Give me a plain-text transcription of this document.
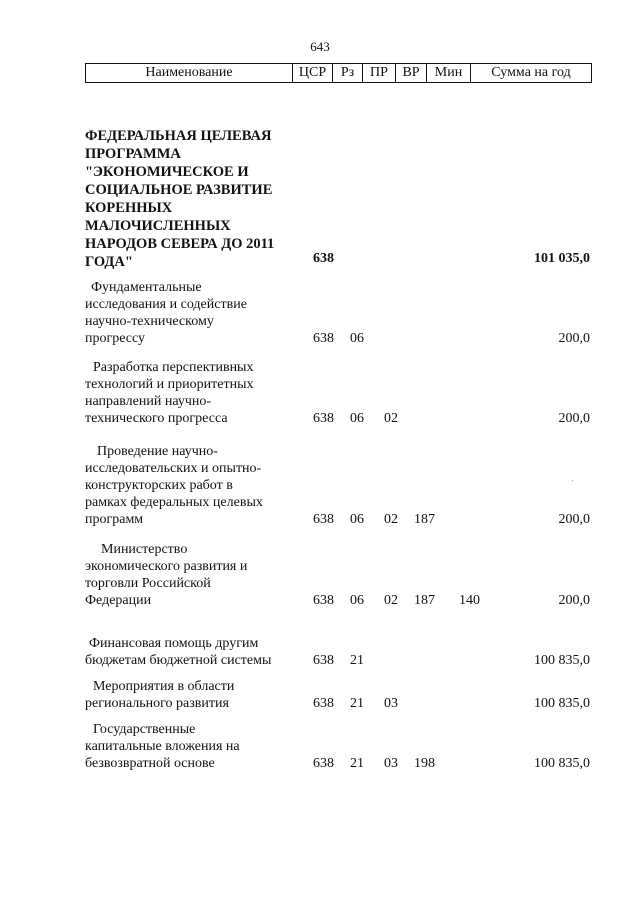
643
Наименование	ЦСР	Рз	ПР	ВР	Мин	Сумма на год
ФЕДЕРАЛЬНАЯ ЦЕЛЕВАЯ
ПРОГРАММА
"ЭКОНОМИЧЕСКОЕ И
СОЦИАЛЬНОЕ РАЗВИТИЕ
КОРЕННЫХ
МАЛОЧИСЛЕННЫХ
НАРОДОВ СЕВЕРА ДО 2011
ГОДА"	638	101 035,0
Фундаментальные
исследования и содействие
научно-техническому
прогрессу	638 06	200,0
Разработка перспективных
технологий и приоритетных
направлений научно-
технического прогресса	638 06 02	200,0
Проведение научно-
исследовательских и опытно-
конструкторских работ в
рамках федеральных целевых
программ	638 06 02 187	200,0
Министерство
экономического развития и
торговли Российской
Федерации	638 06 02 187 140	200,0
Финансовая помощь другим
бюджетам бюджетной системы	638 21	100 835,0
Мероприятия в области
регионального развития	638 21 03	100 835,0
Государственные
капитальные вложения на
безвозвратной основе	638 21 03 198	100 835,0
